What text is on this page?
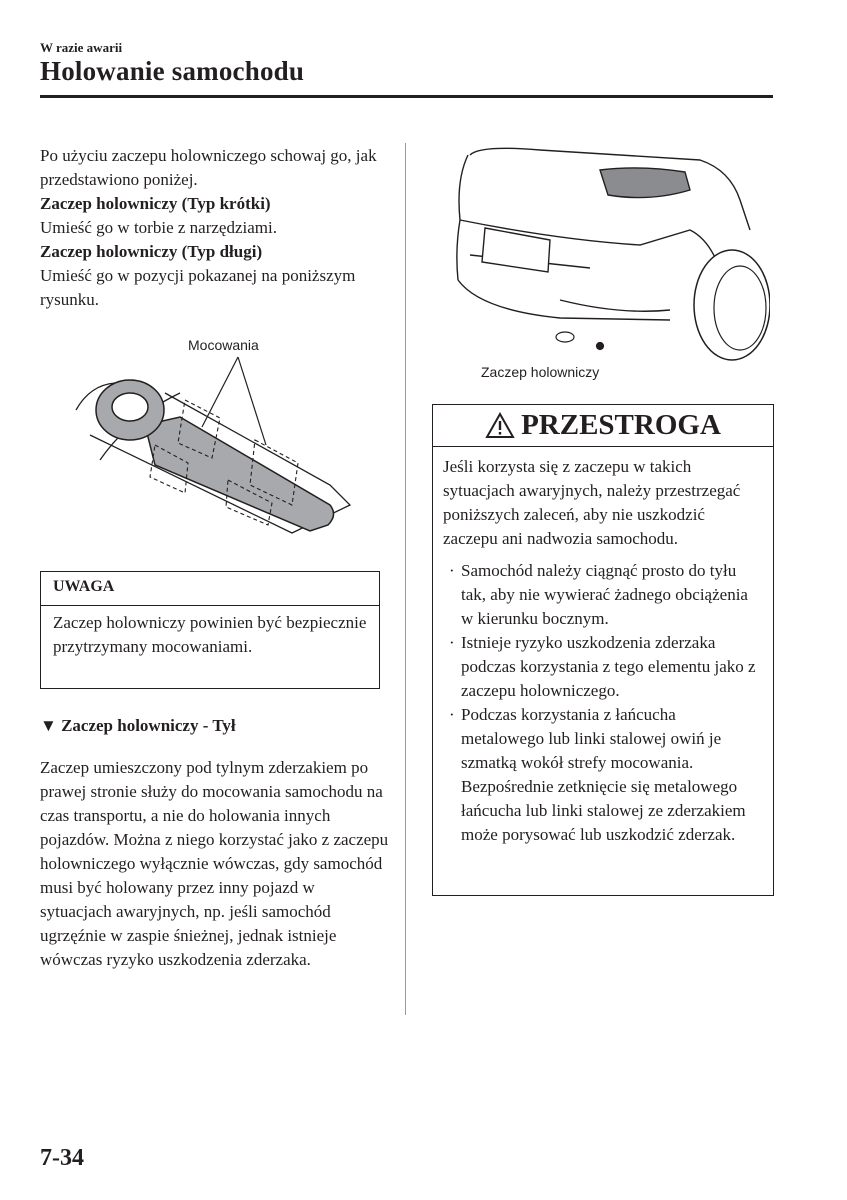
W razie awarii
Holowanie samochodu

Po użyciu zaczepu holowniczego schowaj go, jak przedstawiono poniżej.

Zaczep holowniczy (Typ krótki)

Umieść go w torbie z narzędziami.

Zaczep holowniczy (Typ długi)

Umieść go w pozycji pokazanej na poniższym rysunku.

Mocowania
UWAGA
Zaczep holowniczy powinien być bezpiecznie przytrzymany mocowaniami.
▼ Zaczep holowniczy - Tył
Zaczep umieszczony pod tylnym zderzakiem po prawej stronie służy do mocowania samochodu na czas transportu, a nie do holowania innych pojazdów. Można z niego korzystać jako z zaczepu holowniczego wyłącznie wówczas, gdy samochód musi być holowany przez inny pojazd w sytuacjach awaryjnych, np. jeśli samochód ugrzęźnie w zaspie śnieżnej, jednak istnieje wówczas ryzyko uszkodzenia zderzaka.
Zaczep holowniczy
PRZESTROGA
Jeśli korzysta się z zaczepu w takich sytuacjach awaryjnych, należy przestrzegać poniższych zaleceń, aby nie uszkodzić zaczepu ani nadwozia samochodu.
· Samochód należy ciągnąć prosto do tyłu tak, aby nie wywierać żadnego obciążenia w kierunku bocznym.
· Istnieje ryzyko uszkodzenia zderzaka podczas korzystania z tego elementu jako z zaczepu holowniczego.
· Podczas korzystania z łańcucha metalowego lub linki stalowej owiń je szmatką wokół strefy mocowania. Bezpośrednie zetknięcie się metalowego łańcucha lub linki stalowej ze zderzakiem może porysować lub uszkodzić zderzak.
7-34
